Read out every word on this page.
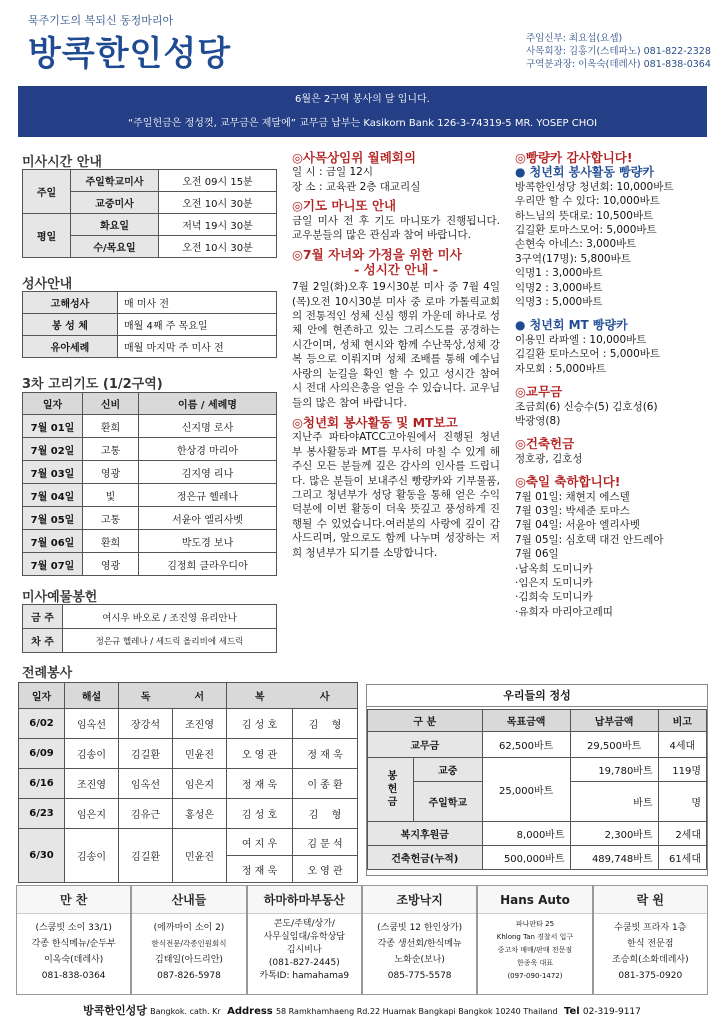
묵주기도의 복되신 동정마리아
방콕한인성당	주임신부: 최요섭(요셉)
사목회장: 김홍기(스테파노) 081-822-2328
구역분과장: 이옥숙(데레사) 081-838-0364
6월은 2구역 봉사의 달 입니다.
“주일헌금은 정성껏, 교무금은 제달에” 교무금 납부는 Kasikorn Bank 126-3-74319-5 MR. YOSEP CHOI
미사시간 안내
주일	주일학교미사	오전 09시 15분
	교중미사	오전 10시 30분
평일	화요일	저녁 19시 30분
	수/목요일	오전 10시 30분
성사안내
고해성사	매 미사 전
봉 성 체	매월 4째 주 목요일
유아세례	매월 마지막 주 미사 전
3차 고리기도 (1/2구역)
일자	신비	이름 / 세례명
7월 01일	환희	신지명 로사
7월 02일	고통	한상경 마리아
7월 03일	영광	김지영 리나
7월 04일	빛	정은규 헬레나
7월 05일	고통	서윤아 엘리사벳
7월 06일	환희	박도경 보나
7월 07일	영광	김정희 클라우디아
미사예물봉헌
금 주	여시우 바오로 / 조진영 유리안나
차 주	정은규 헬레나 / 세드릭 올리비에 세드릭
전례봉사
일자	해설	독	서	복	사
6/02	임옥선	장강석	조진영	김 성 호	김　 형
6/09	김송이	김길환	민윤진	오 영 관	정 재 욱
6/16	조진영	임옥선	임은지	정 재 욱	이 종 환
6/23	임은지	김유근	홍성은	김 성 호	김　 형
6/30	김송이	김길환	민윤진	여 지 우	김 문 석
				정 재 욱	오 영 관
◎사목상임위 월례회의
일 시 : 금일 12시
장 소 : 교육관 2층 대교리실
◎기도 마니또 안내
금일 미사 전 후 기도 마니또가 진행됩니다. 교우분들의 많은 관심과 참여 바랍니다.
◎7월 자녀와 가정을 위한 미사
- 성시간 안내 -
7월 2일(화)오후 19시30분 미사 중 7월 4일(목)오전 10시30분 미사 중 로마 가톨릭교회의 전통적인 성체 신심 행위 가운데 하나로 성체 안에 현존하고 있는 그리스도를 공경하는 시간이며, 성체 현시와 함께 수난묵상,성체 강복 등으로 이뤄지며 성체 조배를 통해 예수님 사랑의 눈길을 확인 할 수 있고 성시간 참여 시 전대 사의은총을 얻을 수 있습니다. 교우님들의 많은 참여 바랍니다.
◎청년회 봉사활동 및 MT보고
지난주 파타야ATCC고아원에서 진행된 청년부 봉사활동과 MT를 무사히 마칠 수 있게 해주신 모든 분들께 깊은 감사의 인사를 드립니다. 많은 분들이 보내주신 빵량카와 기부물품, 그리고 청년부가 성당 활동을 통해 얻은 수익 덕분에 이번 활동이 더욱 뜻깊고 풍성하게 진행될 수 있었습니다.여러분의 사랑에 깊이 감사드리며, 앞으로도 함께 나누며 성장하는 저희 청년부가 되기를 소망합니다.
◎빵량카 감사합니다!
● 청년회 봉사활동 빵량카
방콕한인성당 청년회: 10,000바트
우리만 할 수 있다: 10,000바트
하느님의 뜻대로: 10,500바트
김길환 토마스모어: 5,000바트
손현숙 아네스: 3,000바트
3구역(17명): 5,800바트
익명1 : 3,000바트
익명2 : 3,000바트
익명3 : 5,000바트
● 청년회 MT 빵량카
이용민 라파엘 : 10,000바트
김길환 토마스모어 : 5,000바트
자모회 : 5,000바트
◎교무금
조금희(6) 신승수(5) 김호성(6)
박광영(8)
◎건축헌금
정호광, 김호성
◎축일 축하합니다!
7월 01일: 채현지 에스델
7월 03일: 박세준 토마스
7월 04일: 서윤아 엘리사벳
7월 05일: 심호택 대건 안드레아
7월 06일
·남옥희 도미니카
·임은지 도미니카
·김희숙 도미니카
·유희자 마리아고레띠
우리들의 정성
구 분		목표금액	납부금액	비고
교무금		62,500바트	29,500바트	4세대
봉헌금	교중	25,000바트	19,780바트	119명
	주일학교		바트	명
복지후원금		8,000바트	2,300바트	2세대
건축헌금(누적)		500,000바트	489,748바트	61세대
만 찬
(스쿰빗 소이 33/1)
각종 한식메뉴/순두부
이옥숙(데레사)
081-838-0364
산내들
(에까마이 소이 2)
한식전문/각종인원회식
김태일(아드리안)
087-826-5978
하마하마부동산
콘도/주택/상가/
사무실임대/유학상담
김시비나
(081-827-2445)
카톡ID: hamahama9
조방낙지
(스쿰빗 12 한인상가)
각종 생선회/한식메뉴
노화순(보나)
085-775-5578
Hans Auto
파나판타 25
Khlong Tan 경찰서 입구
중고차 매매/판매 전문점
한종욱 대표
(097-090-1472)
락 원
수쿰빗 프라자 1층
한식 전문점
조승희(소화데레사)
081-375-0920
방콕한인성당 Bangkok. cath. Kr Address 58 Ramkhamhaeng Rd.22 Huamak Bangkapi Bangkok 10240 Thailand Tel 02-319-9117
